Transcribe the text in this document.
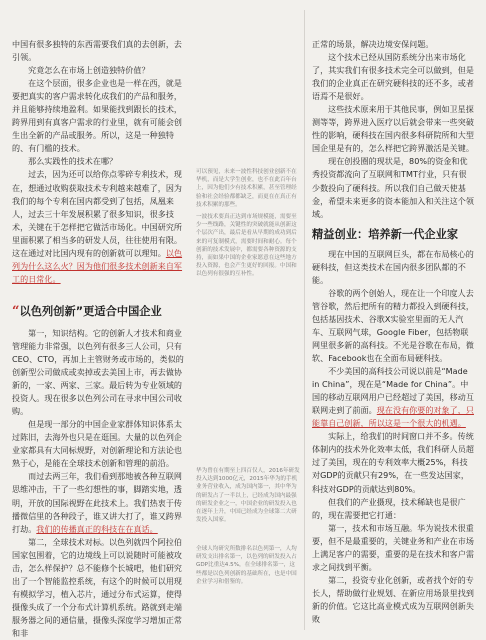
中国有很多独特的东西需要我们真的去创新，去引领。

究竟怎么在市场上创造独特价值？

在这个层面，很多企业也是一样在西，就是要把真实的客户需求转化成我们的产品和服务，并且能够持续地盈利。如果能找到跟长的技术，跨界用到有真客户需求的行业里，就有可能会创生出全新的产品或服务。所以，这是一种独特的、有门槛的技术。

那么实践性的技术在哪？

过去，因为还可以给你点零碎专利技术，现在，想通过收购获取技术专利越来越难了，因为我们的每个专利在国内都受到了包括，凤凰来人，过去三十年发展积累了很多知识，很多技术，关键在于怎样把它做活市场化。中国研究所里面积累了相当多的研发人员，往往使用有限。这在通过对比国内现有的创新就可以理知。以色列为什么这么火？因为他们很多技术创新来自军工的日常化。

“以色列创新”更适合中国企业

第一，知识结构。它的创新人才技术和商业管理能力非常强，以色列有很多三人公司，只有CEO、CTO，再加上主管财务或市场的，类似的创新型公司做成或卖掉或去美国上市，再去做协新的，一家、两家、三家。最后转为专业领域的投资人。现在很多以色列公司在寻求中国公司收购。

但是现一部分的中国企业家群体知识体系太过陈旧，去海外也只是在逛国。大量的以色列企业家都具有大同标规野，对创新理论和方法论也熟于心，是能在全球技术创新和管理的前沿。

而过去两三年，我们看到那地被各种互联网思维冲击，干了一些幻想性的事，脚踏实地，透明，开放的国际视野在此技术上。我们热衷于传播微信里的各种段子，谁又讲大打了，谁又跨界打劫。我们的传播真正的科技在在真话。

第二，全球技术对标。以色列就四个阿拉伯国家包围着，它的边境线上可以说随时可能被攻击，怎么样保护？总不能修个长城吧，他们研究出了一个智能监控系统，有这个的时候可以用现有模拟学习，植入芯片，通过分布式运算，使得摄像头成了一个分布式计算机系统。路就到走端服务器之间的通信量，摄像头深度学习增加正常和非

可以预见，未来一波性科技创业创新不在华机，而是大学生创业，也不在此百年台上，因为他们少有技术积累，甚至管理经验和社会经验都都缺乏，而更在在真正有技术积累的那些。

一波技术要真正达到市场规模能，需要至少一些线路，关键性的突破就能从创新这个层次产出，最后是看从早期的成功到后来的可复制模式，需要时间和耐心。每个创新的技术发展中，都需要各种资源的支持，而如果中国的企业家愿意在这些地方投入资源，也会产生更好的回报。中国和以色列有很强的互补性。

华为曾在有期至上四百仅人，2016年研发投入达到1000亿元，2015年华为的手机业务营业收入，成为国内第一，其中华为的研发占了一半以上，已经成为国内最强的研发企业之一，中国企业的研发投入也在逐年上升，中国已经成为全球第二大研发投入国家。

全球人均研究所数排名以色列第一，人均研发支出排名第一，以色列的研发投入占GDP比重达4.5%，在全球排名第一，这些都是以色列创新的基础所在，也是中国企业学习和借鉴的。

正常的场景，解决边境安保问题。

这个技术已经从国防系统分出来市场化了，其实我们有很多技术完全可以做到，但是我们的企业真正在研究硬科技的还不多，或者语焉不是很好。

这些技术原来用于其他民事，例如卫星探测等等，跨界进入医疗以后就会带来一些突破性的影响，硬科技在国内很多科研院所和大型国企里是有的，怎么样把它跨界激活是关键。

现在创投圈的现状是，80%的资金和优秀投资都流向了互联网和TMT行业，只有很少数投向了硬科技。所以我们自己做天使基金，希望未来更多的资本能加入和关注这个领域。

精益创业：培养新一代企业家

现在中国的互联网巨头，都在布局核心的硬科技，但这类技术在国内很多团队都的不能。

谷歌的两个创始人，现在让一个印度人去管谷歌，然后把所有的精力都投入到硬科技，包括基因技术、谷歌X实验室里面的无人汽车、互联网气球，Google Fiber，包括物联网里很多新的高科技。不光是谷歌在布局，微软、Facebook也在全面布局硬科技。

不少美国的高科技公司说以前是“Made in China”，现在是“Made for China”。中国的移动互联网用户已经超过了美国，移动互联网走到了前面。现在没有你要的对象了，只能靠自己创新，所以这是一个很大的机遇。

实际上，给我们的时间窗口并不多。传统体制内的技术外化效率太低，我们科研人员超过了美国，现在的专利效率大概25%，科技对GDP的贡献只有29%，在一些发达国家，科技对GDP的贡献达到80%。

但我们的产业摄现，技术稀缺也是很广的，现在需要把它打通：

第一，技术和市场互融。华为说技术很重要，但不是最重要的，关键业务和产业在市场上满足客户的需要，重要的是在技术和客户需求之间找到平衡。

第二，投资专业化创新，或者找个好的专长人，帮助做行业规划、在新应用场景里找到新的价值。它这比高业模式成为互联网创新失败
